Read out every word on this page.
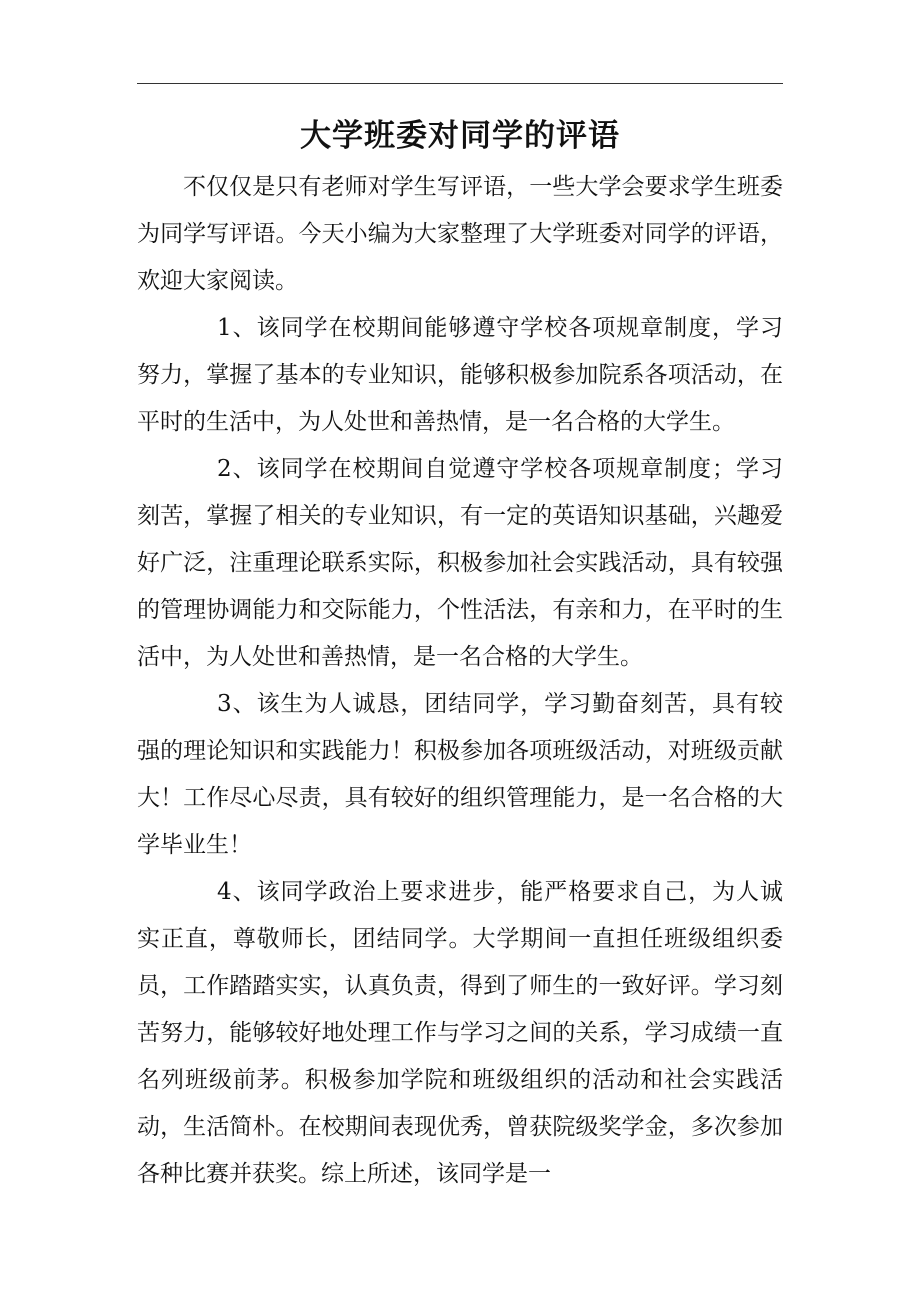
大学班委对同学的评语

不仅仅是只有老师对学生写评语，一些大学会要求学生班委为同学写评语。今天小编为大家整理了大学班委对同学的评语，欢迎大家阅读。

1、该同学在校期间能够遵守学校各项规章制度，学习努力，掌握了基本的专业知识，能够积极参加院系各项活动，在平时的生活中，为人处世和善热情，是一名合格的大学生。

2、该同学在校期间自觉遵守学校各项规章制度；学习刻苦，掌握了相关的专业知识，有一定的英语知识基础，兴趣爱好广泛，注重理论联系实际，积极参加社会实践活动，具有较强的管理协调能力和交际能力，个性活法，有亲和力，在平时的生活中，为人处世和善热情，是一名合格的大学生。

3、该生为人诚恳，团结同学，学习勤奋刻苦，具有较强的理论知识和实践能力！积极参加各项班级活动，对班级贡献大！工作尽心尽责，具有较好的组织管理能力，是一名合格的大学毕业生！

4、该同学政治上要求进步，能严格要求自己，为人诚实正直，尊敬师长，团结同学。大学期间一直担任班级组织委员，工作踏踏实实，认真负责，得到了师生的一致好评。学习刻苦努力，能够较好地处理工作与学习之间的关系，学习成绩一直名列班级前茅。积极参加学院和班级组织的活动和社会实践活动，生活简朴。在校期间表现优秀，曾获院级奖学金，多次参加各种比赛并获奖。综上所述，该同学是一
